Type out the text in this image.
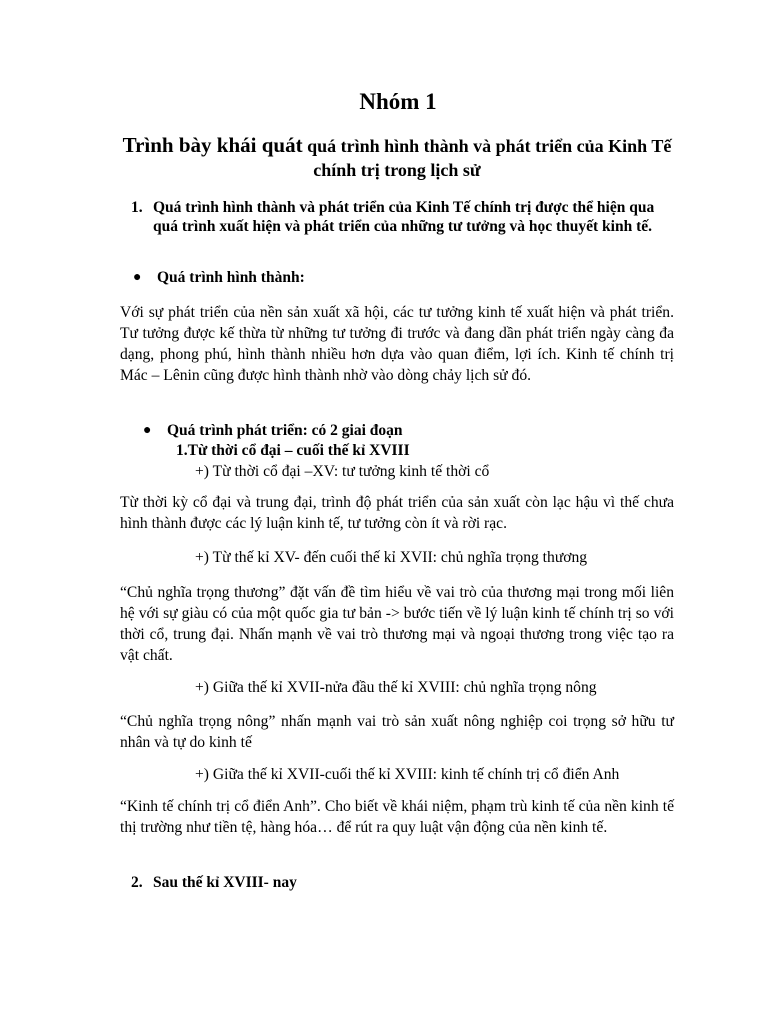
Nhóm 1
Trình bày khái quát quá trình hình thành và phát triển của Kinh Tế chính trị trong lịch sử
1. Quá trình hình thành và phát triển của Kinh Tế chính trị được thể hiện qua quá trình xuất hiện và phát triển của những tư tưởng và học thuyết kinh tế.
● Quá trình hình thành:
Với sự phát triển của nền sản xuất xã hội, các tư tưởng kinh tế xuất hiện và phát triển. Tư tưởng được kế thừa từ những tư tưởng đi trước và đang dần phát triển ngày càng đa dạng, phong phú, hình thành nhiều hơn dựa vào quan điểm, lợi ích. Kinh tế chính trị Mác – Lênin cũng được hình thành nhờ vào dòng chảy lịch sử đó.
● Quá trình phát triển: có 2 giai đoạn
1.Từ thời cổ đại – cuối thế kỉ XVIII
+) Từ thời cổ đại –XV: tư tưởng kinh tế thời cổ
Từ thời kỳ cổ đại và trung đại, trình độ phát triển của sản xuất còn lạc hậu vì thế chưa hình thành được các lý luận kinh tế, tư tưởng còn ít và rời rạc.
+) Từ thế kỉ XV- đến cuối thế kỉ XVII: chủ nghĩa trọng thương
“Chủ nghĩa trọng thương” đặt vấn đề tìm hiểu về vai trò của thương mại trong mối liên hệ với sự giàu có của một quốc gia tư bản -> bước tiến về lý luận kinh tế chính trị so với thời cổ, trung đại. Nhấn mạnh về vai trò thương mại và ngoại thương trong việc tạo ra vật chất.
+) Giữa thế kỉ XVII-nửa đầu thế kỉ XVIII: chủ nghĩa trọng nông
“Chủ nghĩa trọng nông” nhấn mạnh vai trò sản xuất nông nghiệp coi trọng sở hữu tư nhân và tự do kinh tế
+) Giữa thế kỉ XVII-cuối thế kỉ XVIII: kinh tế chính trị cổ điển Anh
“Kinh tế chính trị cổ điển Anh”. Cho biết về khái niệm, phạm trù kinh tế của nền kinh tế thị trường như tiền tệ, hàng hóa… để rút ra quy luật vận động của nền kinh tế.
2. Sau thế kỉ XVIII- nay
